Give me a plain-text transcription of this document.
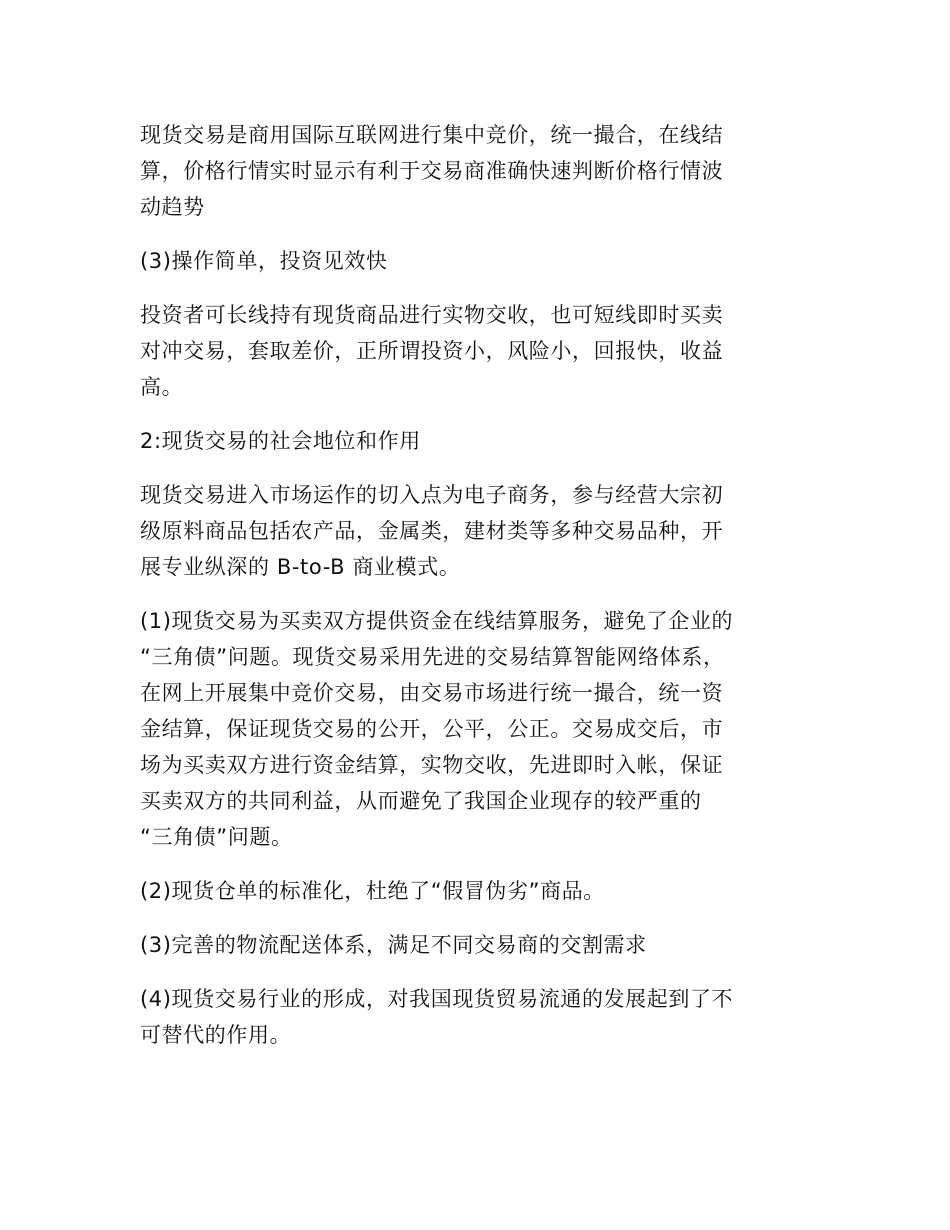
现货交易是商用国际互联网进行集中竞价，统一撮合，在线结
算，价格行情实时显示有利于交易商准确快速判断价格行情波
动趋势

(3)操作简单，投资见效快

投资者可长线持有现货商品进行实物交收，也可短线即时买卖
对冲交易，套取差价，正所谓投资小，风险小，回报快，收益
高。

2:现货交易的社会地位和作用

现货交易进入市场运作的切入点为电子商务，参与经营大宗初
级原料商品包括农产品，金属类，建材类等多种交易品种，开
展专业纵深的 B-to-B 商业模式。

(1)现货交易为买卖双方提供资金在线结算服务，避免了企业的
“三角债”问题。现货交易采用先进的交易结算智能网络体系，
在网上开展集中竞价交易，由交易市场进行统一撮合，统一资
金结算，保证现货交易的公开，公平，公正。交易成交后，市
场为买卖双方进行资金结算，实物交收，先进即时入帐，保证
买卖双方的共同利益，从而避免了我国企业现存的较严重的
“三角债”问题。

(2)现货仓单的标准化，杜绝了“假冒伪劣”商品。

(3)完善的物流配送体系，满足不同交易商的交割需求

(4)现货交易行业的形成，对我国现货贸易流通的发展起到了不
可替代的作用。
